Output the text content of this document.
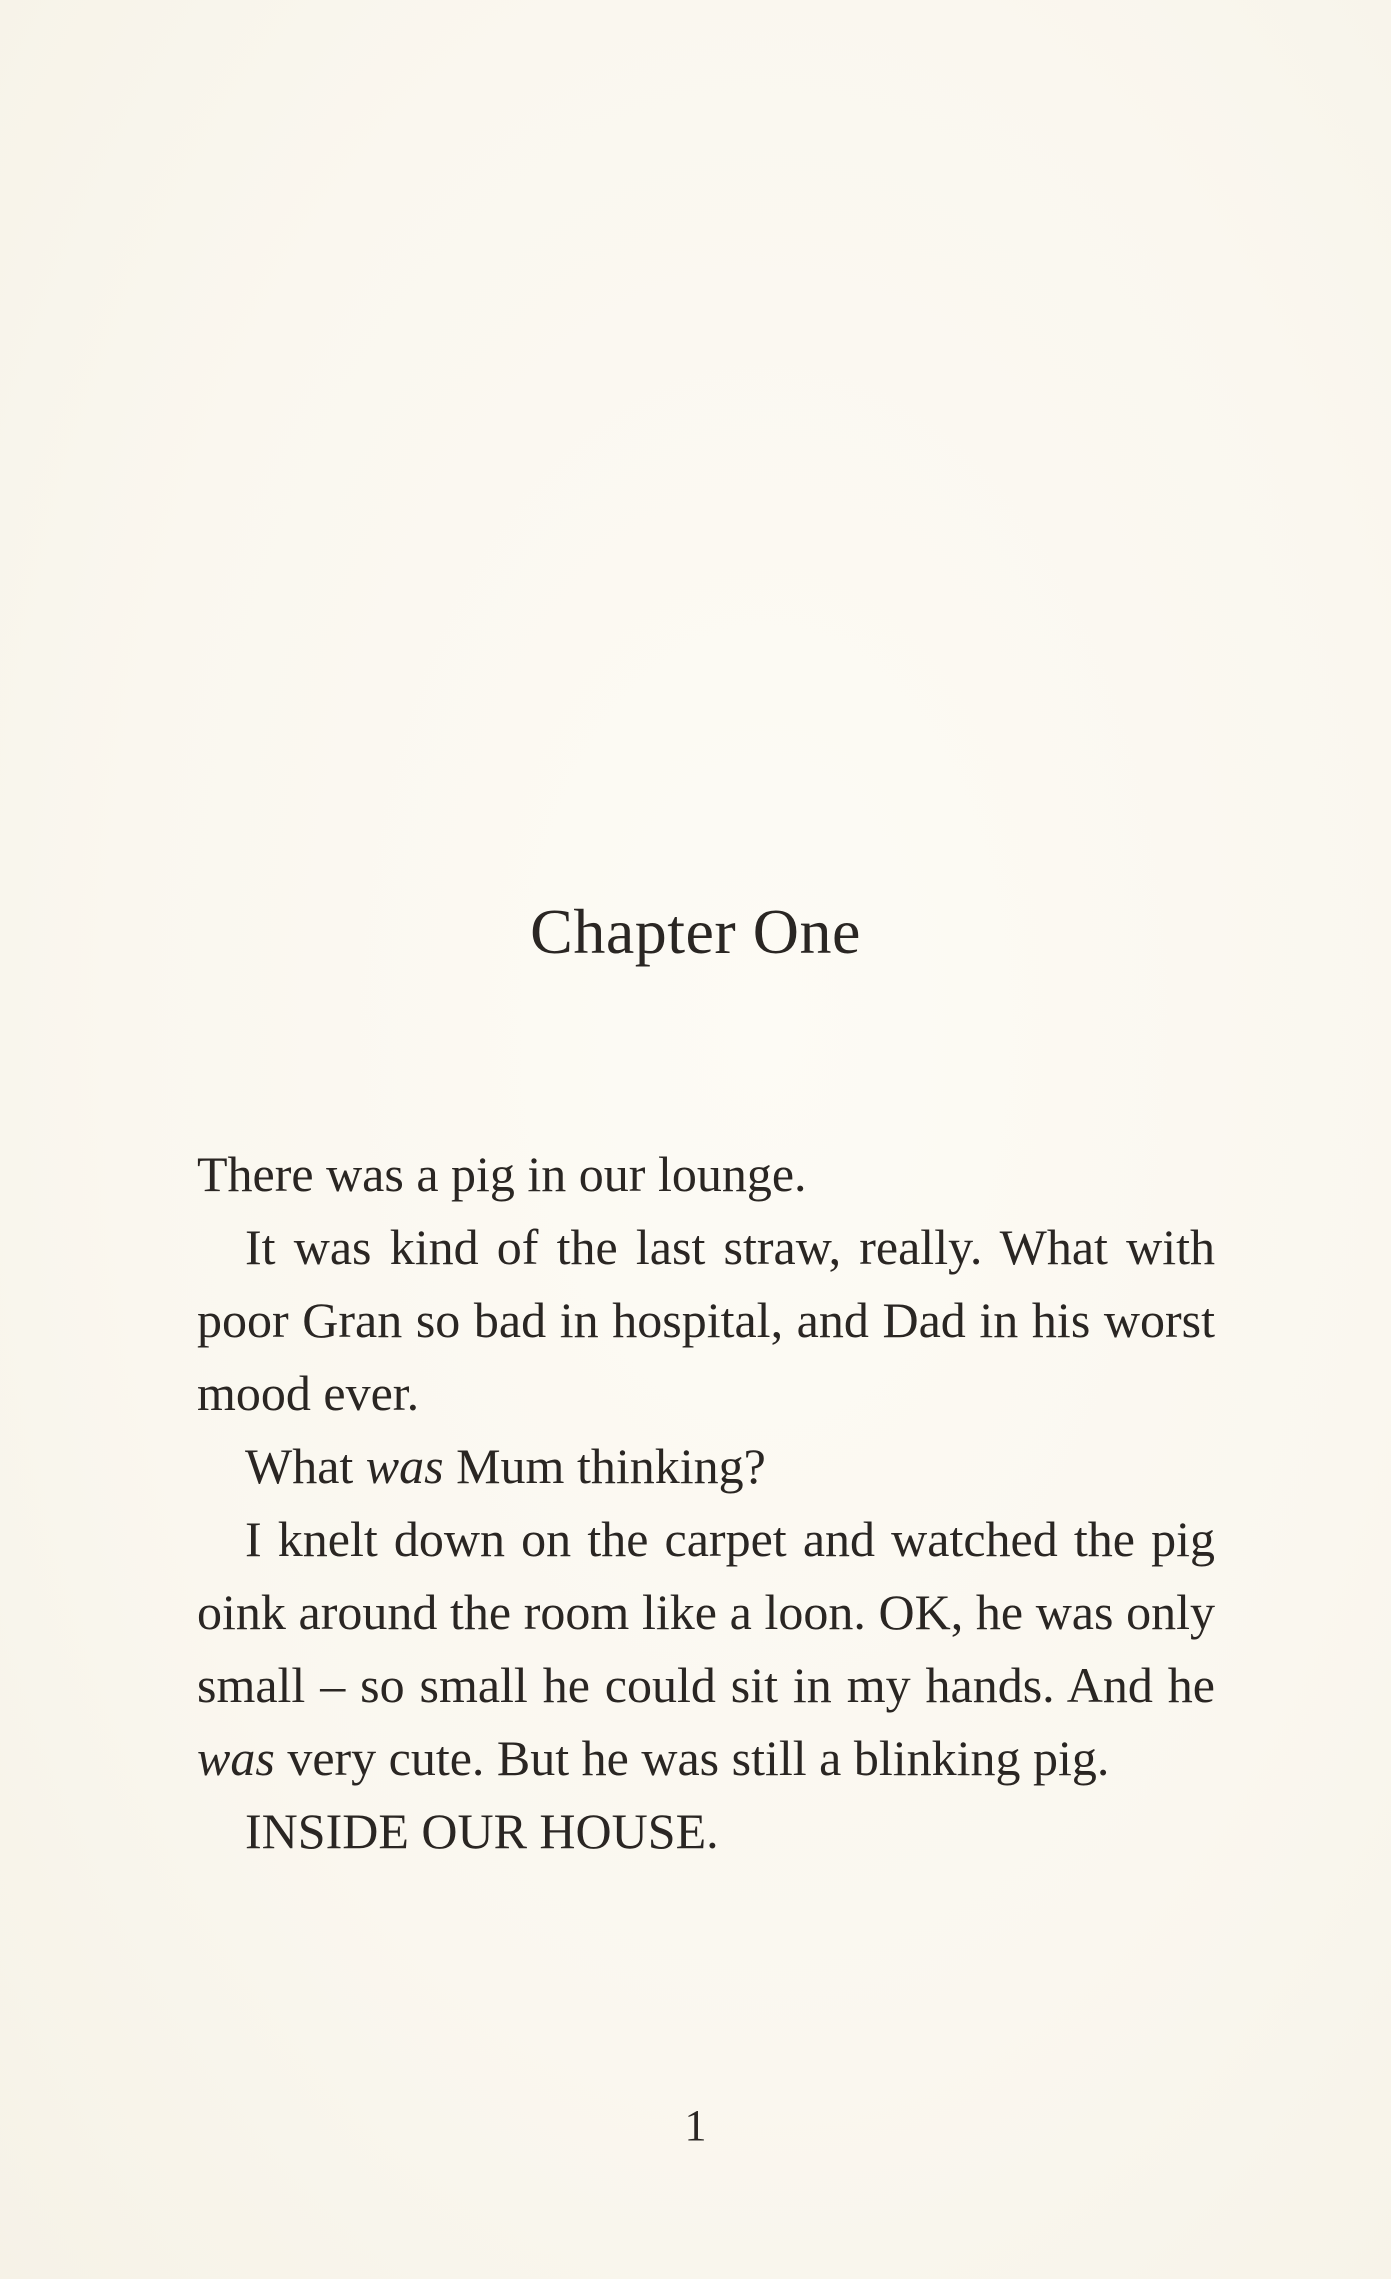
Chapter One

There was a pig in our lounge.

It was kind of the last straw, really. What with poor Gran so bad in hospital, and Dad in his worst mood ever.

What was Mum thinking?

I knelt down on the carpet and watched the pig oink around the room like a loon. OK, he was only small – so small he could sit in my hands. And he was very cute. But he was still a blinking pig.

INSIDE OUR HOUSE.

1
